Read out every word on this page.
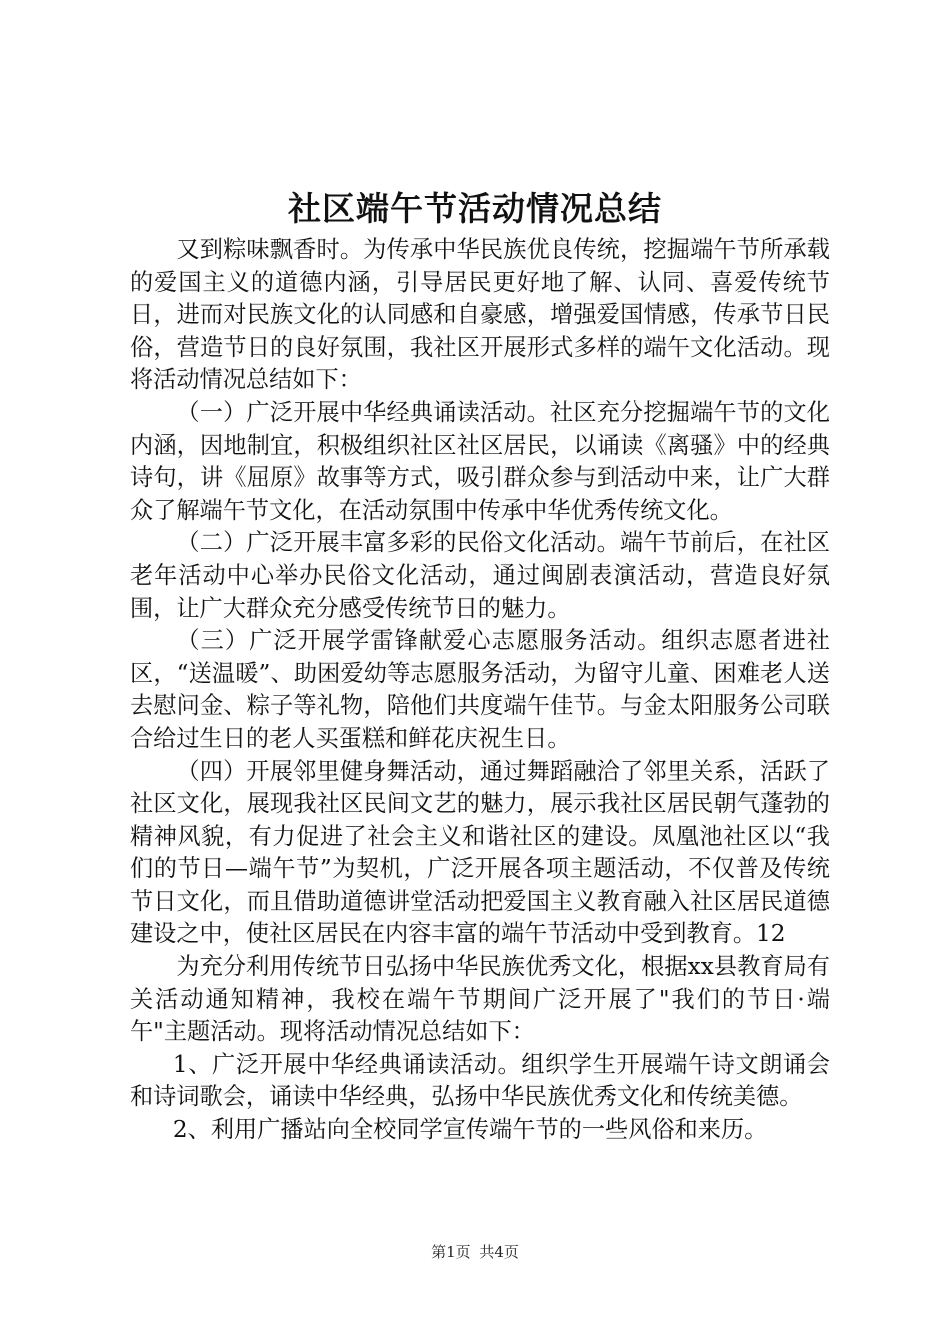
社区端午节活动情况总结

又到粽味飘香时。为传承中华民族优良传统，挖掘端午节所承载的爱国主义的道德内涵，引导居民更好地了解、认同、喜爱传统节日，进而对民族文化的认同感和自豪感，增强爱国情感，传承节日民俗，营造节日的良好氛围，我社区开展形式多样的端午文化活动。现将活动情况总结如下：

（一）广泛开展中华经典诵读活动。社区充分挖掘端午节的文化内涵，因地制宜，积极组织社区社区居民，以诵读《离骚》中的经典诗句，讲《屈原》故事等方式，吸引群众参与到活动中来，让广大群众了解端午节文化，在活动氛围中传承中华优秀传统文化。

（二）广泛开展丰富多彩的民俗文化活动。端午节前后，在社区老年活动中心举办民俗文化活动，通过闽剧表演活动，营造良好氛围，让广大群众充分感受传统节日的魅力。

（三）广泛开展学雷锋献爱心志愿服务活动。组织志愿者进社区，“送温暖”、助困爱幼等志愿服务活动，为留守儿童、困难老人送去慰问金、粽子等礼物，陪他们共度端午佳节。与金太阳服务公司联合给过生日的老人买蛋糕和鲜花庆祝生日。

（四）开展邻里健身舞活动，通过舞蹈融洽了邻里关系，活跃了社区文化，展现我社区民间文艺的魅力，展示我社区居民朝气蓬勃的精神风貌，有力促进了社会主义和谐社区的建设。凤凰池社区以“我们的节日—端午节”为契机，广泛开展各项主题活动，不仅普及传统节日文化，而且借助道德讲堂活动把爱国主义教育融入社区居民道德建设之中，使社区居民在内容丰富的端午节活动中受到教育。12

为充分利用传统节日弘扬中华民族优秀文化，根据xx县教育局有关活动通知精神，我校在端午节期间广泛开展了"我们的节日·端午"主题活动。现将活动情况总结如下：

1、广泛开展中华经典诵读活动。组织学生开展端午诗文朗诵会和诗词歌会，诵读中华经典，弘扬中华民族优秀文化和传统美德。

2、利用广播站向全校同学宣传端午节的一些风俗和来历。

第1页 共4页
